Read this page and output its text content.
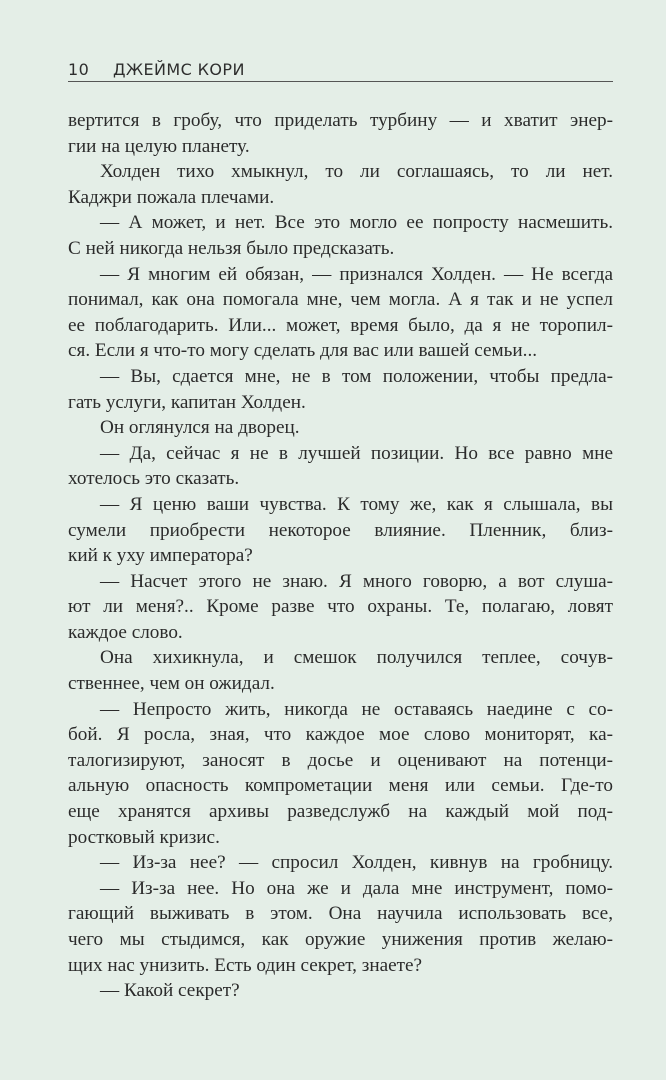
10 ДЖЕЙМС КОРИ
вертится в гробу, что приделать турбину — и хватит энер-
гии на целую планету.
Холден тихо хмыкнул, то ли соглашаясь, то ли нет.
Каджри пожала плечами.
— А может, и нет. Все это могло ее попросту насмешить.
С ней никогда нельзя было предсказать.
— Я многим ей обязан, — признался Холден. — Не всегда
понимал, как она помогала мне, чем могла. А я так и не успел
ее поблагодарить. Или... может, время было, да я не торопил-
ся. Если я что-то могу сделать для вас или вашей семьи...
— Вы, сдается мне, не в том положении, чтобы предла-
гать услуги, капитан Холден.
Он оглянулся на дворец.
— Да, сейчас я не в лучшей позиции. Но все равно мне
хотелось это сказать.
— Я ценю ваши чувства. К тому же, как я слышала, вы
сумели приобрести некоторое влияние. Пленник, близ-
кий к уху императора?
— Насчет этого не знаю. Я много говорю, а вот слуша-
ют ли меня?.. Кроме разве что охраны. Те, полагаю, ловят
каждое слово.
Она хихикнула, и смешок получился теплее, сочув-
ственнее, чем он ожидал.
— Непросто жить, никогда не оставаясь наедине с со-
бой. Я росла, зная, что каждое мое слово мониторят, ка-
талогизируют, заносят в досье и оценивают на потенци-
альную опасность компрометации меня или семьи. Где-то
еще хранятся архивы разведслужб на каждый мой под-
ростковый кризис.
— Из-за нее? — спросил Холден, кивнув на гробницу.
— Из-за нее. Но она же и дала мне инструмент, помо-
гающий выживать в этом. Она научила использовать все,
чего мы стыдимся, как оружие унижения против желаю-
щих нас унизить. Есть один секрет, знаете?
— Какой секрет?
